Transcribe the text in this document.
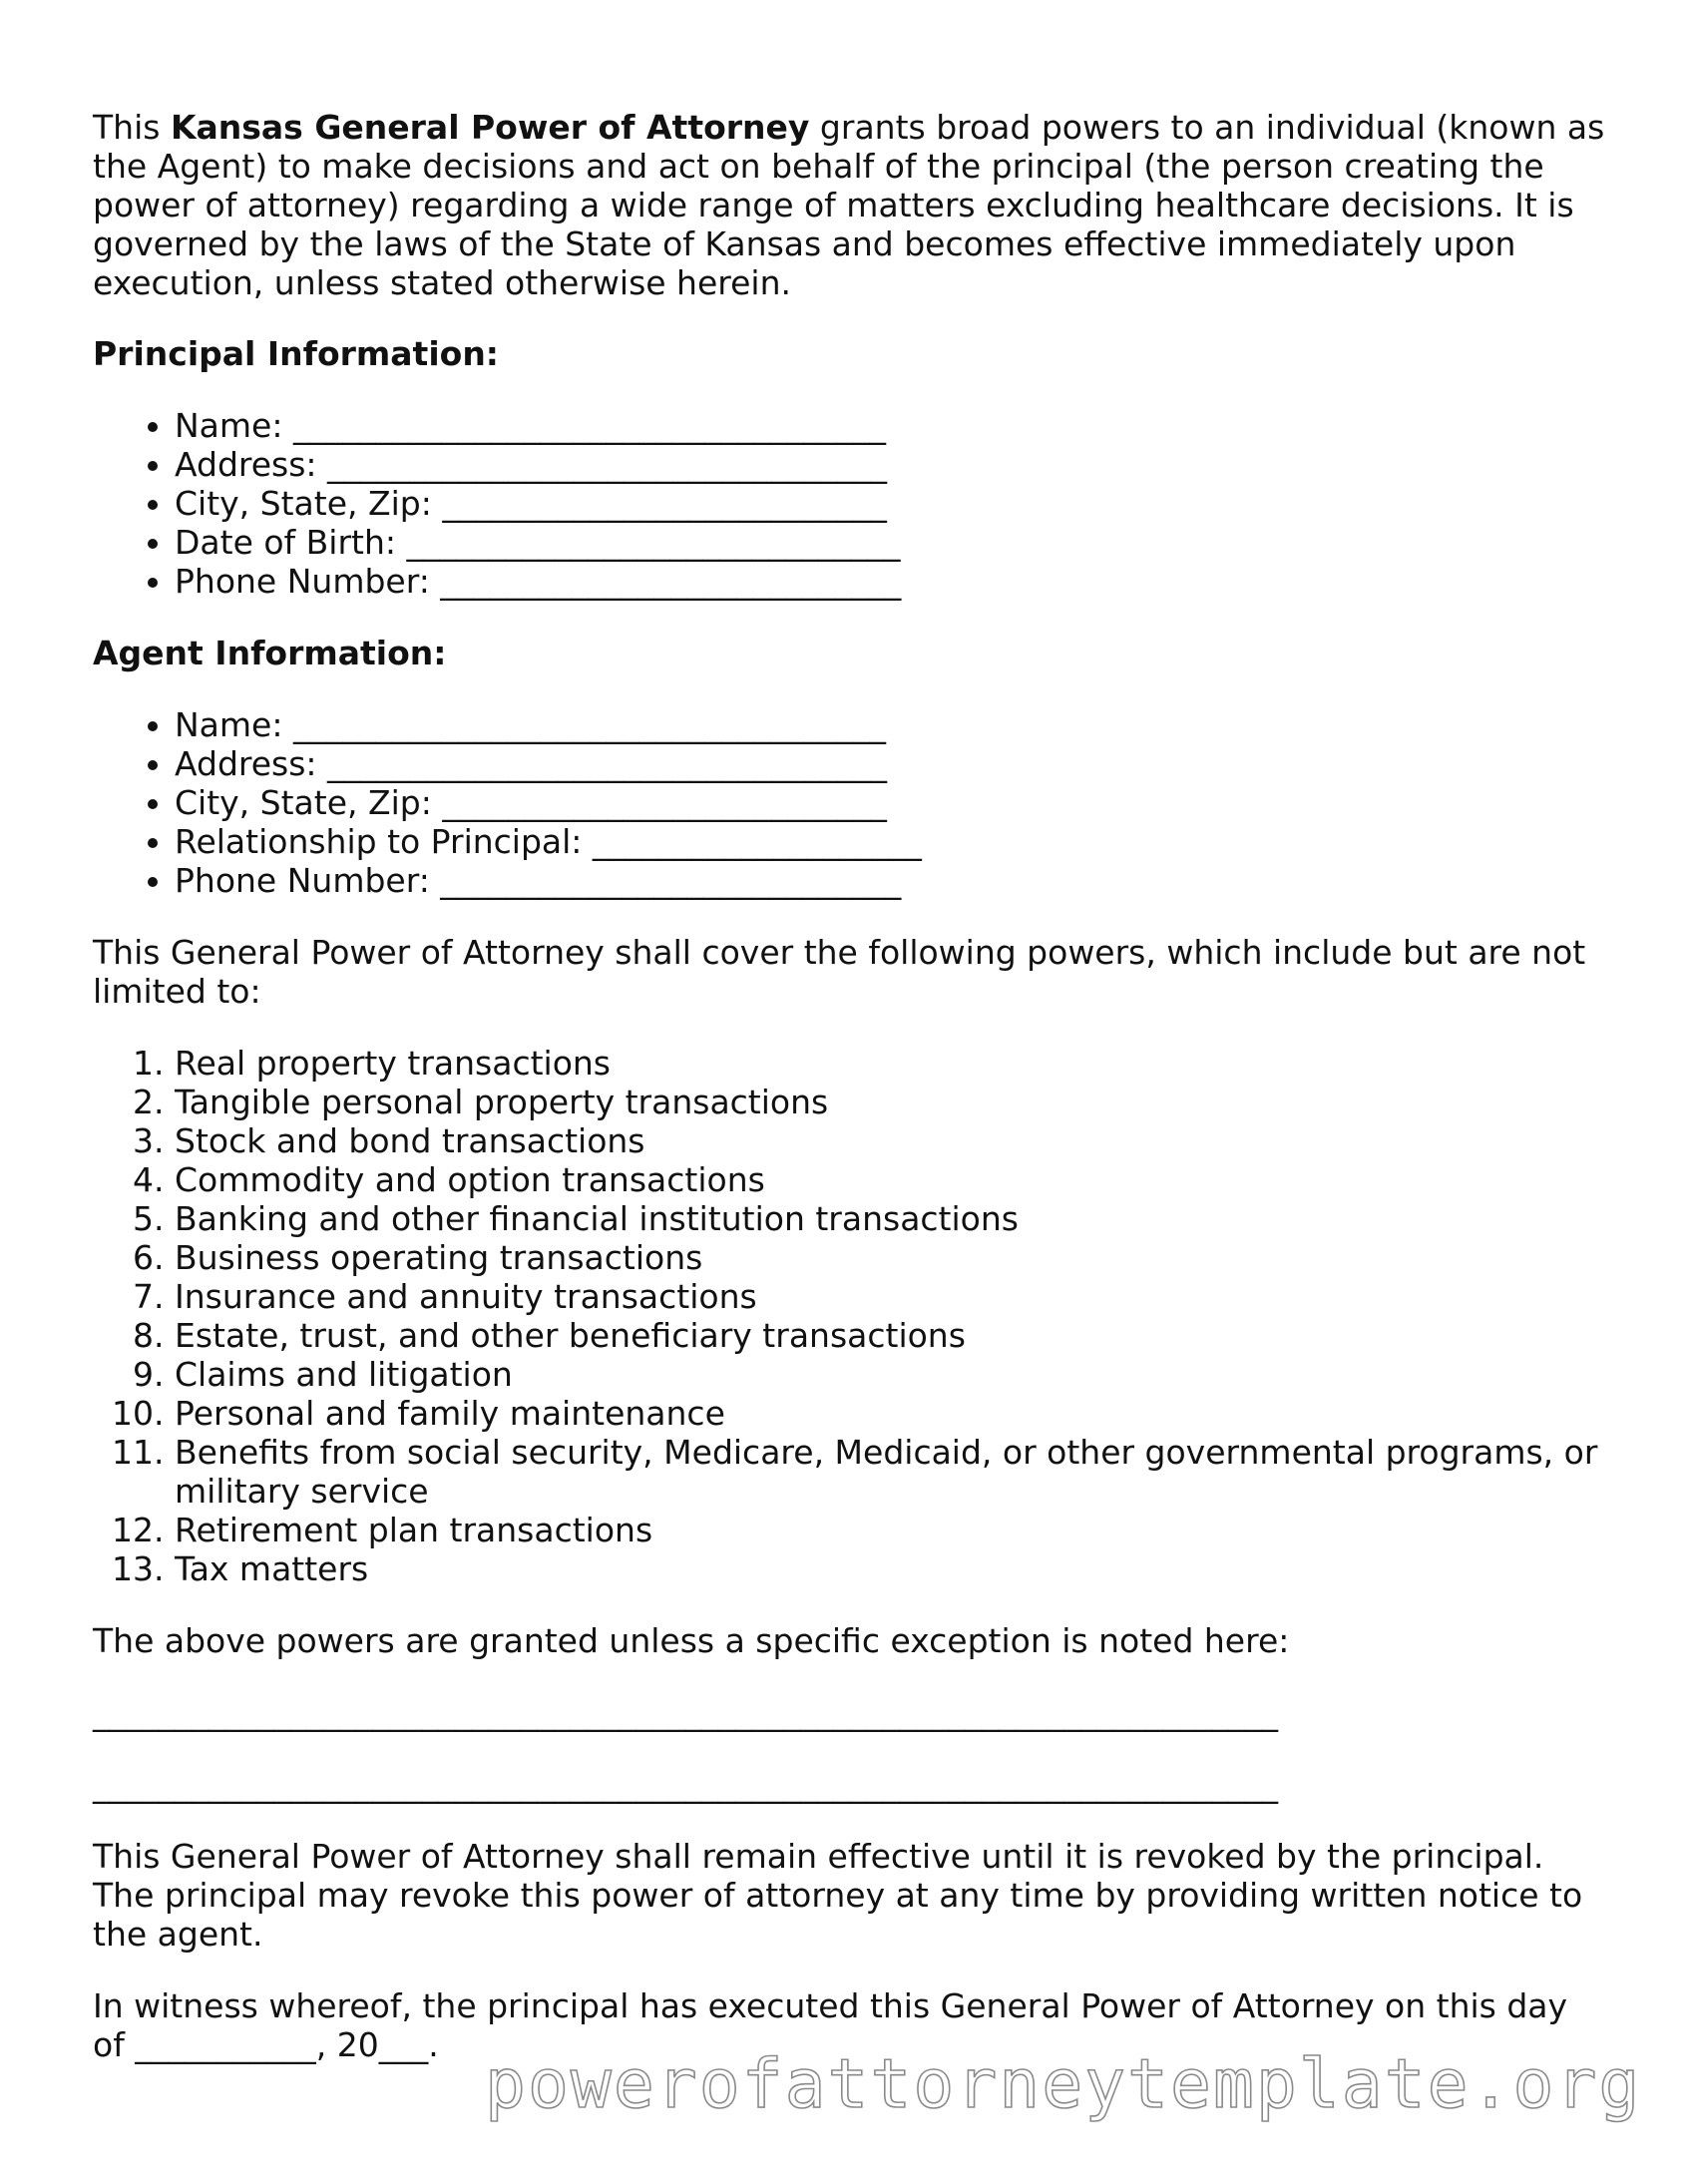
This Kansas General Power of Attorney grants broad powers to an individual (known as the Agent) to make decisions and act on behalf of the principal (the person creating the power of attorney) regarding a wide range of matters excluding healthcare decisions. It is governed by the laws of the State of Kansas and becomes effective immediately upon execution, unless stated otherwise herein.

Principal Information:

• Name: ____________________________________
• Address: __________________________________
• City, State, Zip: ___________________________
• Date of Birth: ______________________________
• Phone Number: ____________________________

Agent Information:

• Name: ____________________________________
• Address: __________________________________
• City, State, Zip: ___________________________
• Relationship to Principal: ____________________
• Phone Number: ____________________________

This General Power of Attorney shall cover the following powers, which include but are not limited to:

1. Real property transactions
2. Tangible personal property transactions
3. Stock and bond transactions
4. Commodity and option transactions
5. Banking and other financial institution transactions
6. Business operating transactions
7. Insurance and annuity transactions
8. Estate, trust, and other beneficiary transactions
9. Claims and litigation
10. Personal and family maintenance
11. Benefits from social security, Medicare, Medicaid, or other governmental programs, or military service
12. Retirement plan transactions
13. Tax matters

The above powers are granted unless a specific exception is noted here:

________________________________________________________________________
________________________________________________________________________

This General Power of Attorney shall remain effective until it is revoked by the principal. The principal may revoke this power of attorney at any time by providing written notice to the agent.

In witness whereof, the principal has executed this General Power of Attorney on this day of ___________, 20___.

powerofattorneytemplate.org
